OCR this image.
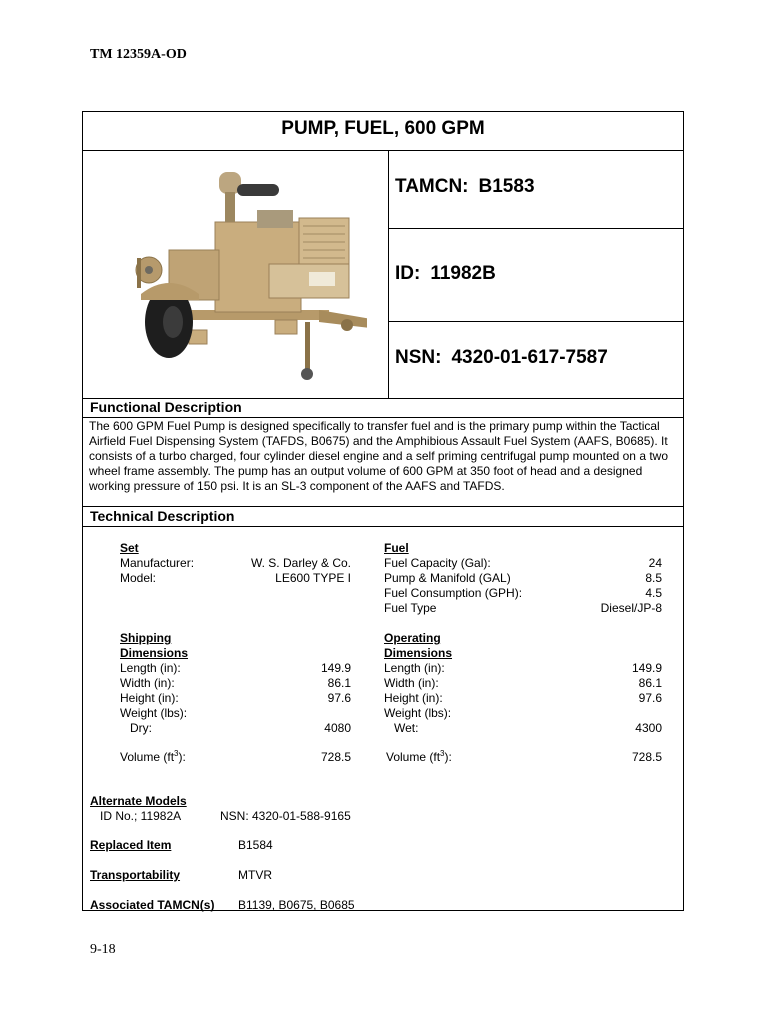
TM 12359A-OD
PUMP, FUEL, 600 GPM
TAMCN: B1583
ID: 11982B
NSN: 4320-01-617-7587
Functional Description
The 600 GPM Fuel Pump is designed specifically to transfer fuel and is the primary pump within the Tactical Airfield Fuel Dispensing System (TAFDS, B0675) and the Amphibious Assault Fuel System (AAFS, B0685). It consists of a turbo charged, four cylinder diesel engine and a self priming centrifugal pump mounted on a two wheel frame assembly. The pump has an output volume of 600 GPM at 350 foot of head and a designed working pressure of 150 psi. It is an SL-3 component of the AAFS and TAFDS.
Technical Description
Set
Manufacturer:	W. S. Darley & Co.
Model:	LE600 TYPE I
Fuel
Fuel Capacity (Gal):	24
Pump & Manifold (GAL)	8.5
Fuel Consumption (GPH):	4.5
Fuel Type	Diesel/JP-8
Shipping
Dimensions
Length (in):	149.9
Width (in):	86.1
Height (in):	97.6
Weight (lbs):
Dry:	4080
Volume $(ft^3)$:	728.5
Operating
Dimensions
Length (in):	149.9
Width (in):	86.1
Height (in):	97.6
Weight (lbs):
Wet:	4300
Volume $(ft^3)$:	728.5
Alternate Models
ID No.; 11982A	NSN: 4320-01-588-9165
Replaced Item	B1584
Transportability	MTVR
Associated TAMCN(s) B1139, B0675, B0685
9-18
